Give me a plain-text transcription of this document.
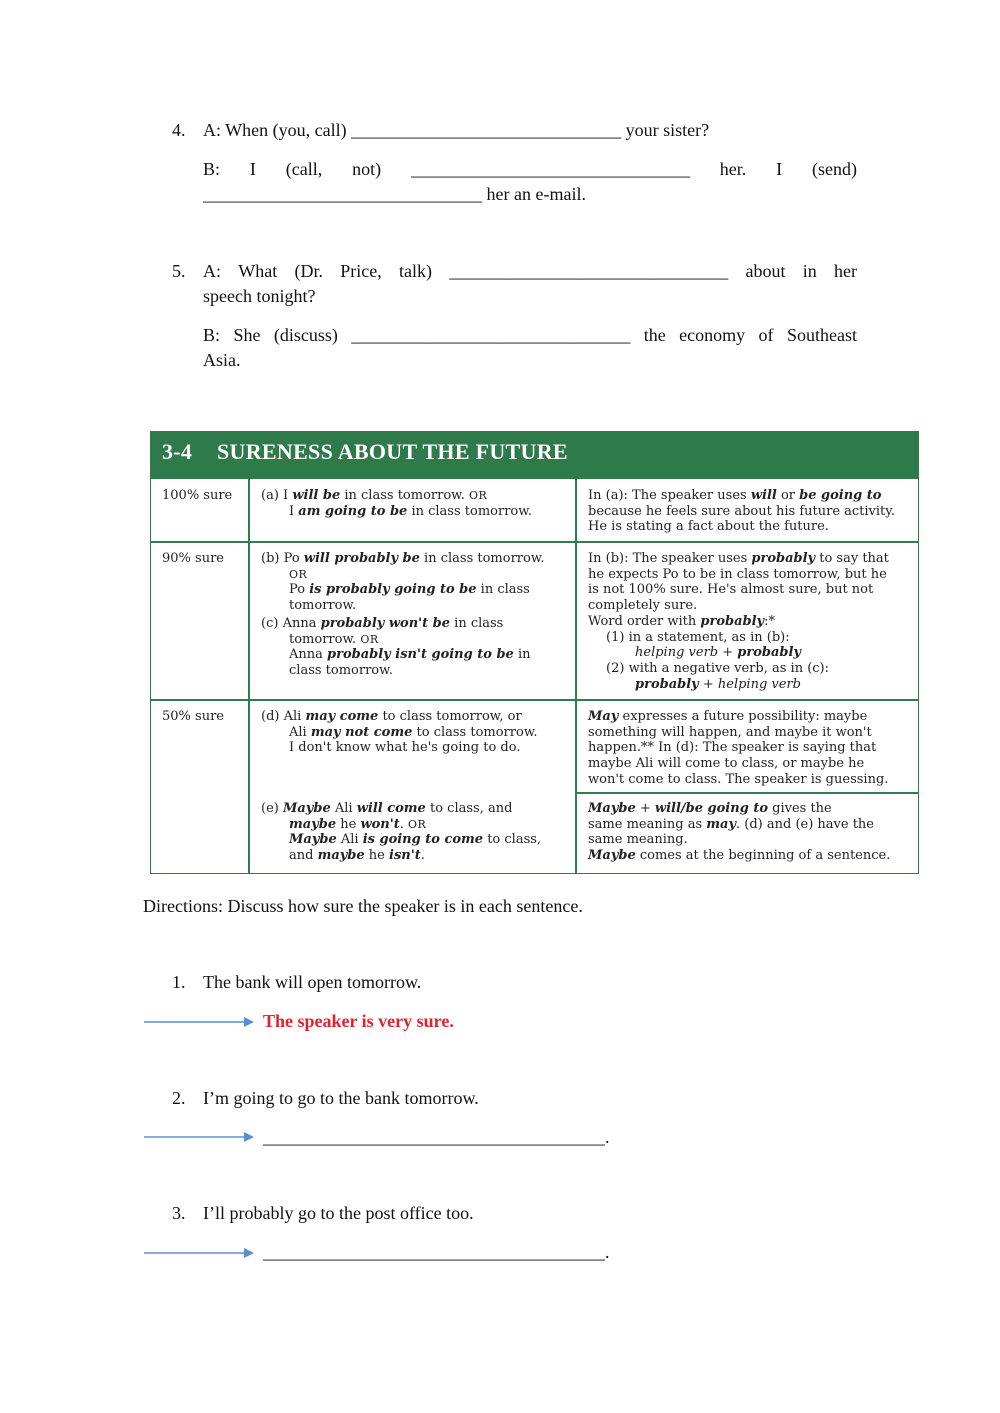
4. A: When (you, call) ______________________________ your sister?
B: I (call, not) _______________________________ her. I (send)
_______________________________ her an e-mail.
5. A: What (Dr. Price, talk) _______________________________ about in her
speech tonight?
B: She (discuss) _______________________________ the economy of Southeast
Asia.
3-4 SURENESS ABOUT THE FUTURE
100% sure (a) I will be in class tomorrow. OR
I am going to be in class tomorrow.
In (a): The speaker uses will or be going to
because he feels sure about his future activity.
He is stating a fact about the future.
90% sure	(b) Po will probably be in class tomorrow.
OR
Po is probably going to be in class
tomorrow.
(c) Anna probably won't be in class
tomorrow. OR
Anna probably isn't going to be in
class tomorrow.
In (b): The speaker uses probably to say that
he expects Po to be in class tomorrow, but he
is not 100% sure. He's almost sure, but not
completely sure.
Word order with probably:*
(1) in a statement, as in (b):
helping verb + probably
(2) with a negative verb, as in (c):
probably + helping verb
50% sure	(d) Ali may come to class tomorrow, or
Ali may not come to class tomorrow.
I don't know what he's going to do.
May expresses a future possibility: maybe
something will happen, and maybe it won't
happen.** In (d): The speaker is saying that
maybe Ali will come to class, or maybe he
won't come to class. The speaker is guessing.
(e) Maybe Ali will come to class, and
maybe he won't. OR
Maybe Ali is going to come to class,
and maybe he isn't.
Maybe + will/be going to gives the
same meaning as may. (d) and (e) have the
same meaning.
Maybe comes at the beginning of a sentence.
Directions: Discuss how sure the speaker is in each sentence.
1. The bank will open tomorrow.
The speaker is very sure.
2. I’m going to go to the bank tomorrow.
______________________________________.
3. I’ll probably go to the post office too.
______________________________________.
